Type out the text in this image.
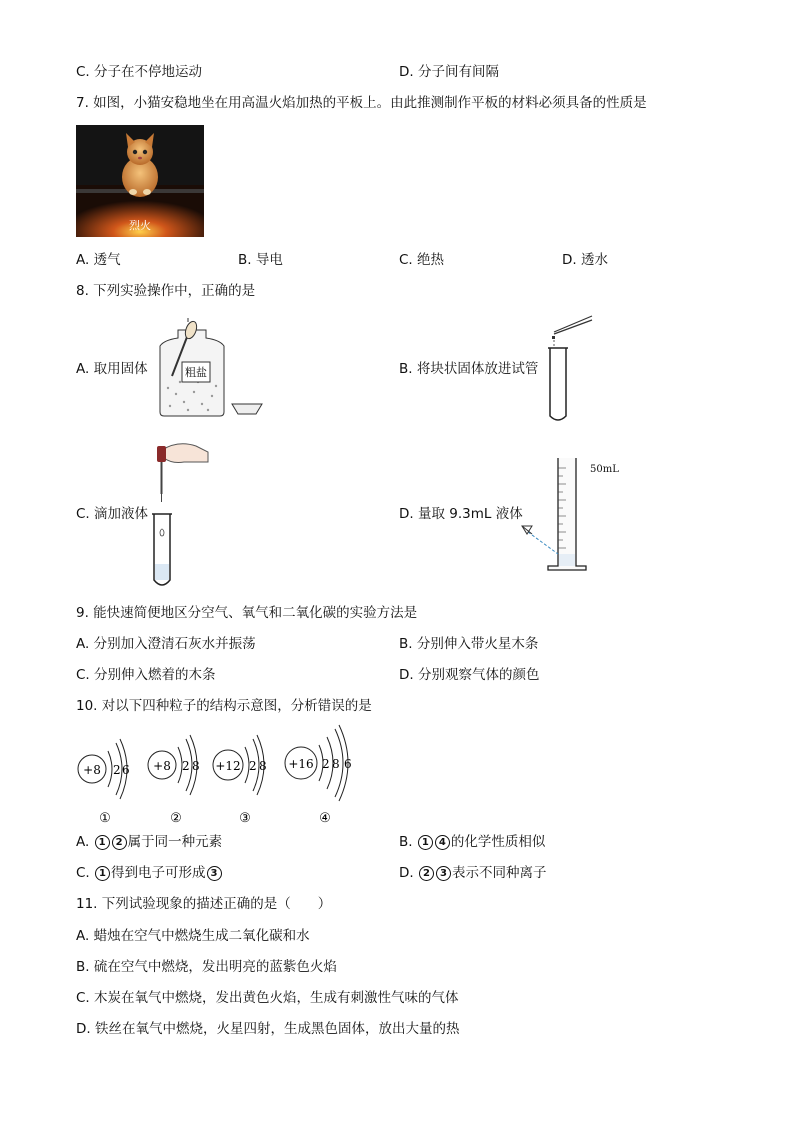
C. 分子在不停地运动	D. 分子间有间隔
7. 如图，小猫安稳地坐在用高温火焰加热的平板上。由此推测制作平板的材料必须具备的性质是
烈火
A. 透气	B. 导电	C. 绝热	D. 透水
8. 下列实验操作中，正确的是
A. 取用固体	粗盐	B. 将块状固体放进试管
C. 滴加液体	D. 量取 9.3mL 液体
50mL
9. 能快速简便地区分空气、氧气和二氧化碳的实验方法是
A. 分别加入澄清石灰水并振荡	B. 分别伸入带火星木条
C. 分别伸入燃着的木条	D. 分别观察气体的颜色
10. 对以下四种粒子的结构示意图，分析错误的是
+8 2 6
①
+8 2 8
②
+12 2 8
③
+16 2 8 6
④
A. 1 2 属于同一种元素	B. 1 4 的化学性质相似
C. 1 得到电子可形成 3	D. 2 3 表示不同种离子
11. 下列试验现象的描述正确的是（　　）
A. 蜡烛在空气中燃烧生成二氧化碳和水
B. 硫在空气中燃烧，发出明亮的蓝紫色火焰
C. 木炭在氧气中燃烧，发出黄色火焰，生成有刺激性气味的气体
D. 铁丝在氧气中燃烧，火星四射，生成黑色固体，放出大量的热
